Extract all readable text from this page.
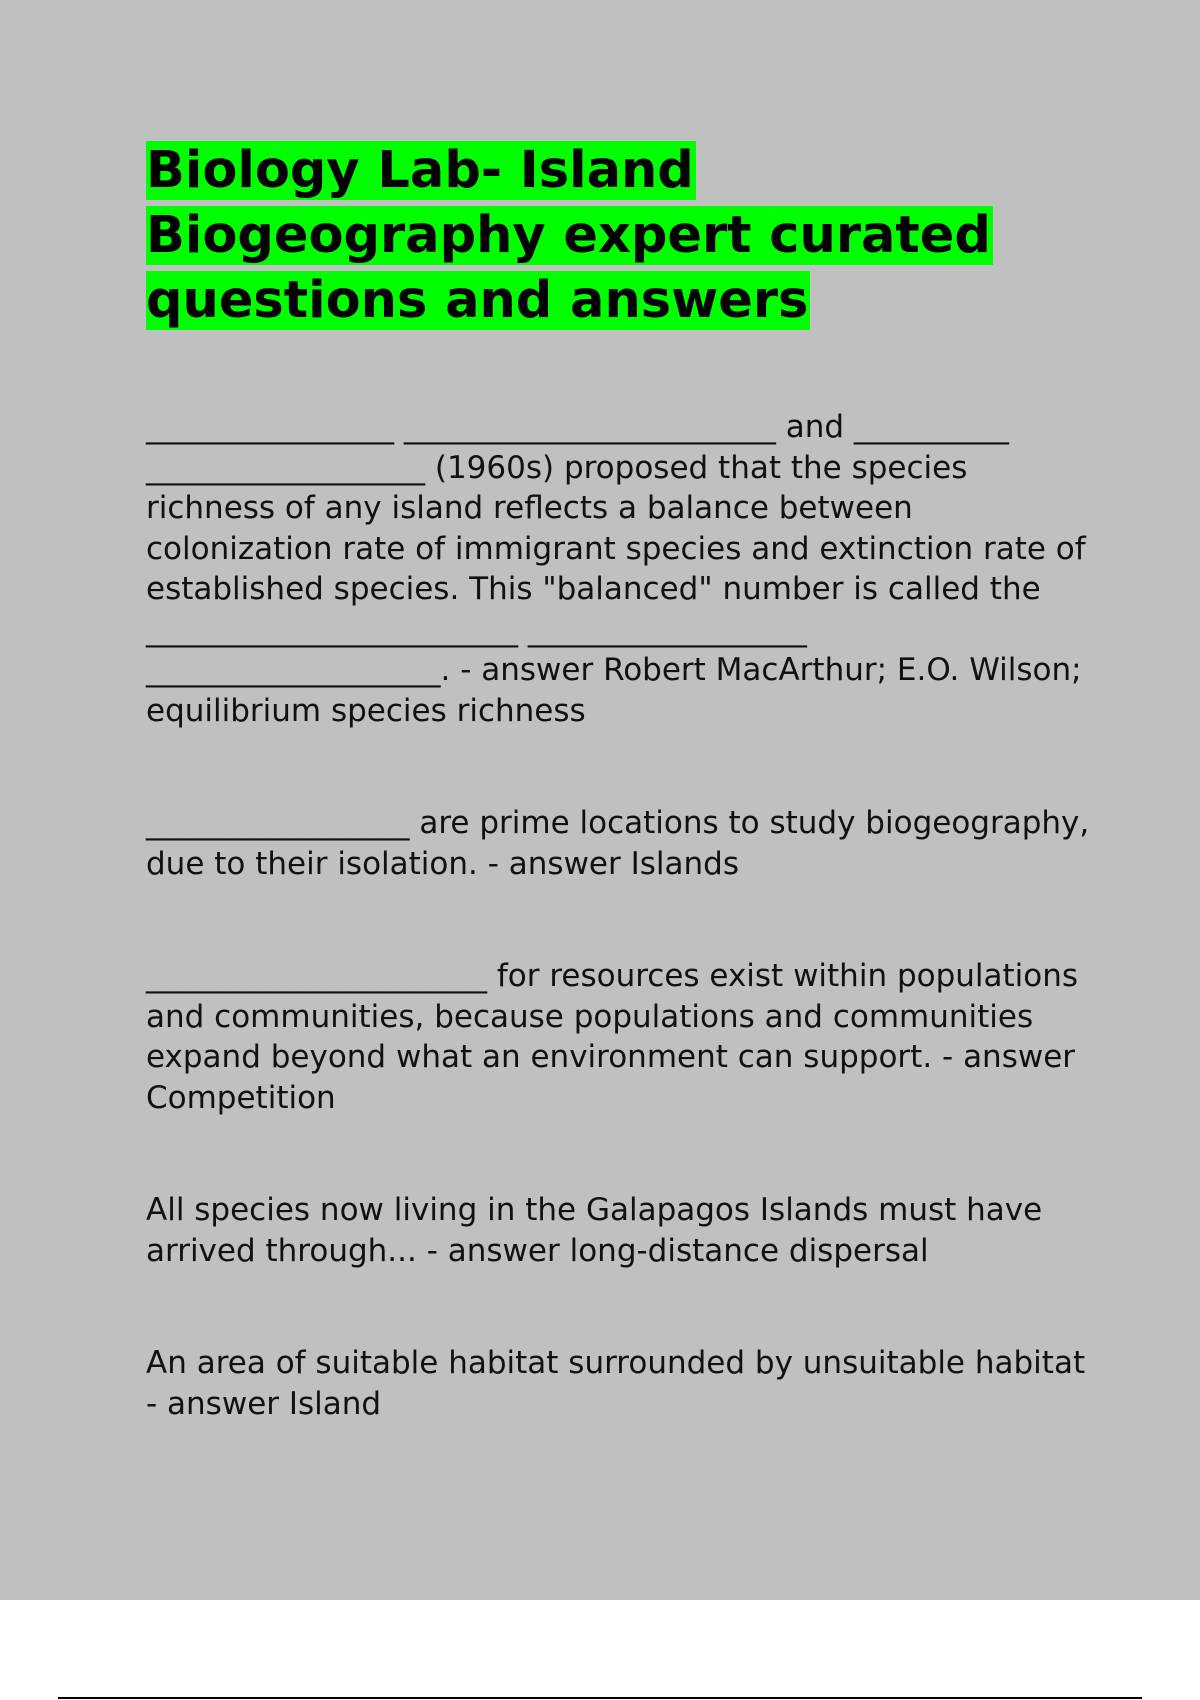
Biology Lab- Island Biogeography expert curated questions and answers

________________ ________________________ and __________
__________________ (1960s) proposed that the species richness of any island reflects a balance between colonization rate of immigrant species and extinction rate of established species. This "balanced" number is called the ________________________ __________________
___________________. - answer Robert MacArthur; E.O. Wilson; equilibrium species richness

_________________ are prime locations to study biogeography, due to their isolation. - answer Islands

______________________ for resources exist within populations and communities, because populations and communities expand beyond what an environment can support. - answer Competition

All species now living in the Galapagos Islands must have arrived through... - answer long-distance dispersal

An area of suitable habitat surrounded by unsuitable habitat - answer Island
